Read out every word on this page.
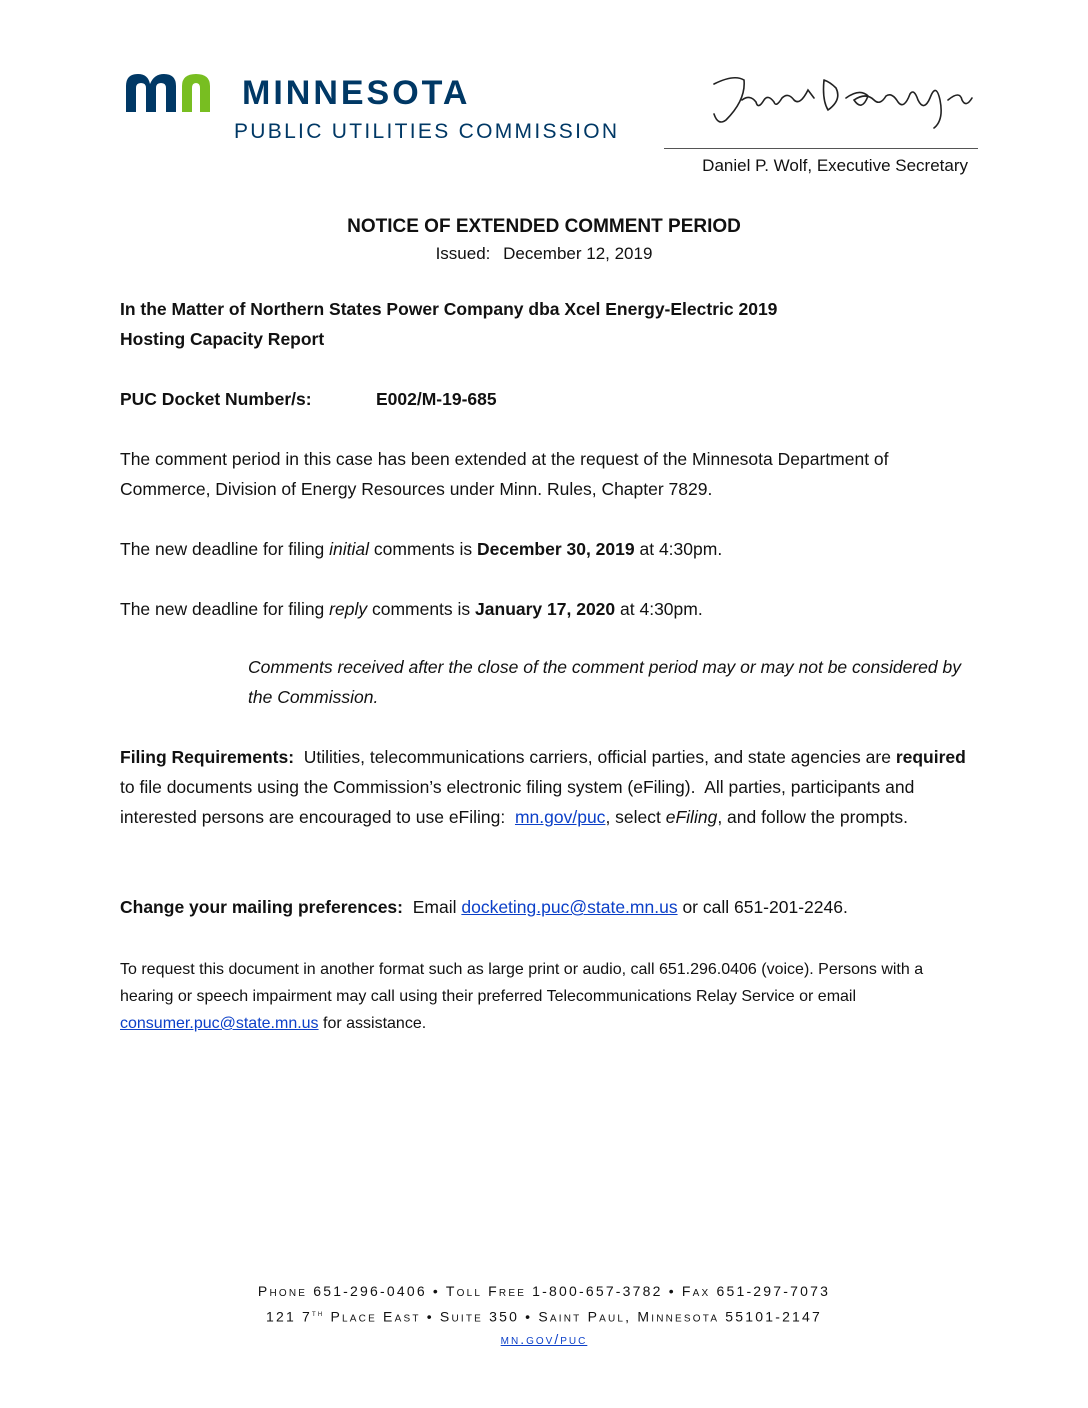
MINNESOTA
PUBLIC UTILITIES COMMISSION
Daniel P. Wolf, Executive Secretary
NOTICE OF EXTENDED COMMENT PERIOD
Issued: December 12, 2019
In the Matter of Northern States Power Company dba Xcel Energy-Electric 2019
Hosting Capacity Report
PUC Docket Number/s:	E002/M-19-685
The comment period in this case has been extended at the request of the Minnesota Department of Commerce, Division of Energy Resources under Minn. Rules, Chapter 7829.
The new deadline for filing initial comments is December 30, 2019 at 4:30pm.
The new deadline for filing reply comments is January 17, 2020 at 4:30pm.
Comments received after the close of the comment period may or may not be considered by the Commission.
Filing Requirements:  Utilities, telecommunications carriers, official parties, and state agencies are required to file documents using the Commission’s electronic filing system (eFiling).  All parties, participants and interested persons are encouraged to use eFiling:  mn.gov/puc, select eFiling, and follow the prompts.
Change your mailing preferences:  Email docketing.puc@state.mn.us or call 651-201-2246.
To request this document in another format such as large print or audio, call 651.296.0406 (voice). Persons with a hearing or speech impairment may call using their preferred Telecommunications Relay Service or email consumer.puc@state.mn.us for assistance.
Phone 651-296-0406 • Toll Free 1-800-657-3782 • Fax 651-297-7073
121 7th Place East • Suite 350 • Saint Paul, Minnesota 55101-2147
mn.gov/puc
